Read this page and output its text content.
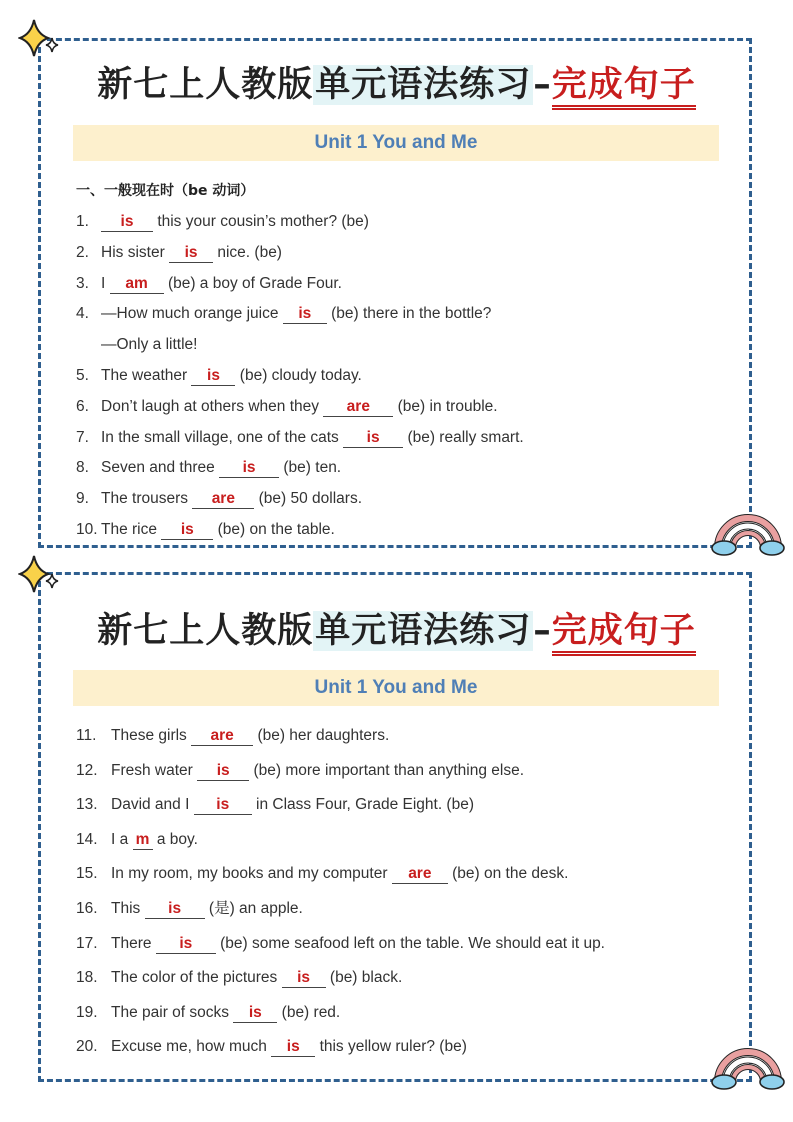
新七上人教版单元语法练习–完成句子
新七上人教版单元语法练习–完成句子
Unit 1 You and Me
Unit 1 You and Me
一、一般现在时（be 动词）
1. is this your cousin’s mother? (be)
2. His sister is nice. (be)
3. I am (be) a boy of Grade Four.
4. —How much orange juice is (be) there in the bottle?
—Only a little!
5. The weather is (be) cloudy today.
6. Don’t laugh at others when they are (be) in trouble.
7. In the small village, one of the cats is (be) really smart.
8. Seven and three is (be) ten.
9. The trousers are (be) 50 dollars.
10. The rice is (be) on the table.
11. These girls are (be) her daughters.
12. Fresh water is (be) more important than anything else.
13. David and I is in Class Four, Grade Eight. (be)
14. I a m a boy.
15. In my room, my books and my computer are (be) on the desk.
16. This is (是) an apple.
17. There is (be) some seafood left on the table. We should eat it up.
18. The color of the pictures is (be) black.
19. The pair of socks is (be) red.
20. Excuse me, how much is this yellow ruler? (be)
